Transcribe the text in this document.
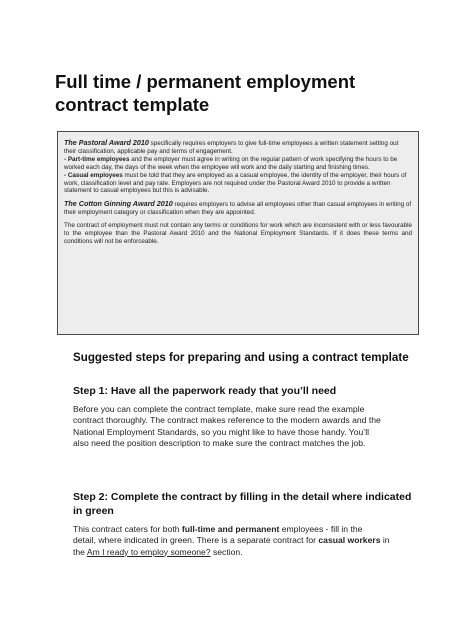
Full time / permanent employment
contract template

The Pastoral Award 2010 specifically requires employers to give full-time employees a written statement setting out their classification, applicable pay and terms of engagement.
- Part-time employees and the employer must agree in writing on the regular pattern of work specifying the hours to be worked each day, the days of the week when the employee will work and the daily starting and finishing times.
- Casual employees must be told that they are employed as a casual employee, the identity of the employer, their hours of work, classification level and pay rate. Employers are not required under the Pastoral Award 2010 to provide a written statement to casual employees but this is advisable.

The Cotton Ginning Award 2010 requires employers to advise all employees other than casual employees in writing of their employment category or classification when they are appointed.

The contract of employment must not contain any terms or conditions for work which are inconsistent with or less favourable to the employee than the Pastoral Award 2010 and the National Employment Standards. If it does these terms and conditions will not be enforceable.

Suggested steps for preparing and using a contract template
Step 1: Have all the paperwork ready that you’ll need
Before you can complete the contract template, make sure read the example
contract thoroughly. The contract makes reference to the modern awards and the
National Employment Standards, so you might like to have those handy. You’ll
also need the position description to make sure the contract matches the job.
Step 2: Complete the contract by filling in the detail where indicated in green
This contract caters for both full-time and permanent employees - fill in the
detail, where indicated in green. There is a separate contract for casual workers in
the Am I ready to employ someone? section.
